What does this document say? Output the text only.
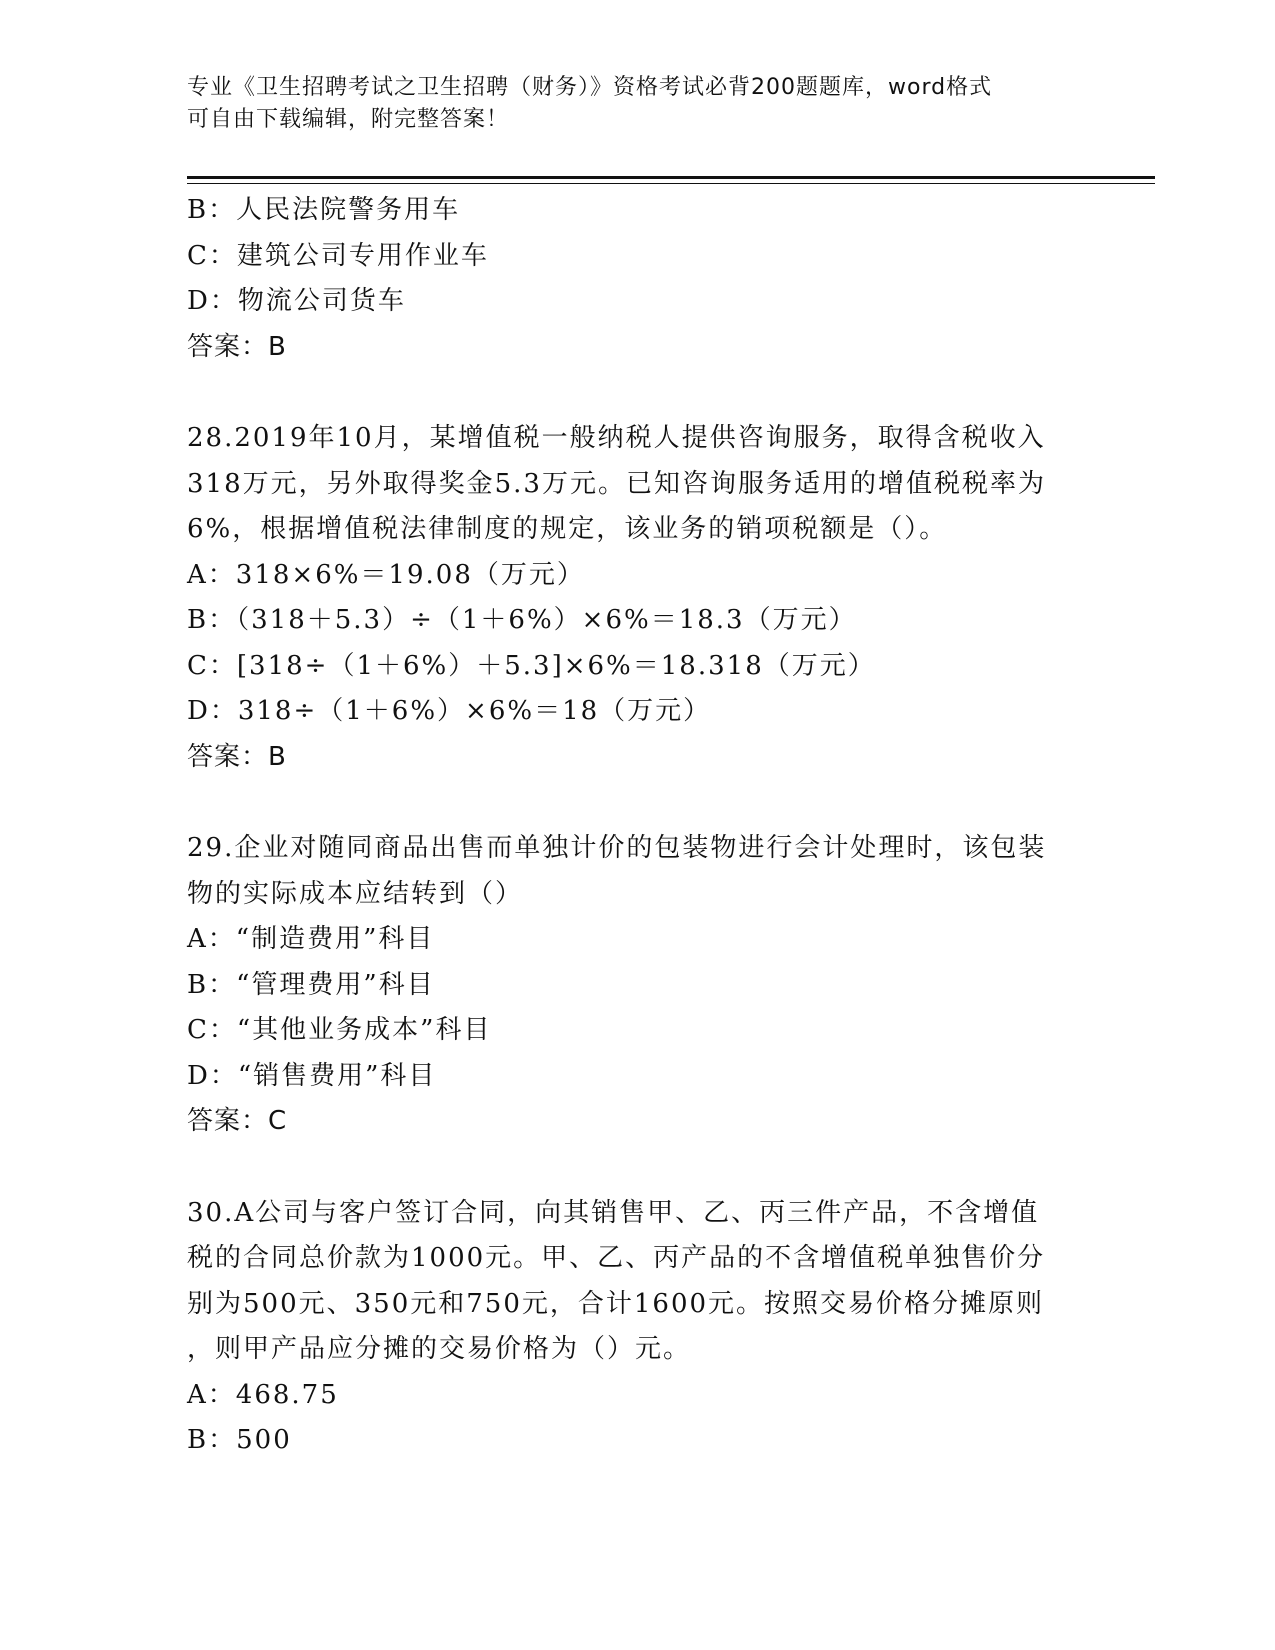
专业《卫生招聘考试之卫生招聘（财务）》资格考试必背200题题库，word格式
可自由下载编辑，附完整答案！
B：人民法院警务用车
C：建筑公司专用作业车
D：物流公司货车
答案：B
28.2019年10月，某增值税一般纳税人提供咨询服务，取得含税收入
318万元，另外取得奖金5.3万元。已知咨询服务适用的增值税税率为
6%，根据增值税法律制度的规定，该业务的销项税额是（）。
A：318×6%＝19.08（万元）
B：（318＋5.3）÷（1＋6%）×6%＝18.3（万元）
C：[318÷（1＋6%）＋5.3]×6%＝18.318（万元）
D：318÷（1＋6%）×6%＝18（万元）
答案：B
29.企业对随同商品出售而单独计价的包装物进行会计处理时，该包装
物的实际成本应结转到（）
A：“制造费用”科目
B：“管理费用”科目
C：“其他业务成本”科目
D：“销售费用”科目
答案：C
30.A公司与客户签订合同，向其销售甲、乙、丙三件产品，不含增值
税的合同总价款为1000元。甲、乙、丙产品的不含增值税单独售价分
别为500元、350元和750元，合计1600元。按照交易价格分摊原则
，则甲产品应分摊的交易价格为（）元。
A：468.75
B：500
